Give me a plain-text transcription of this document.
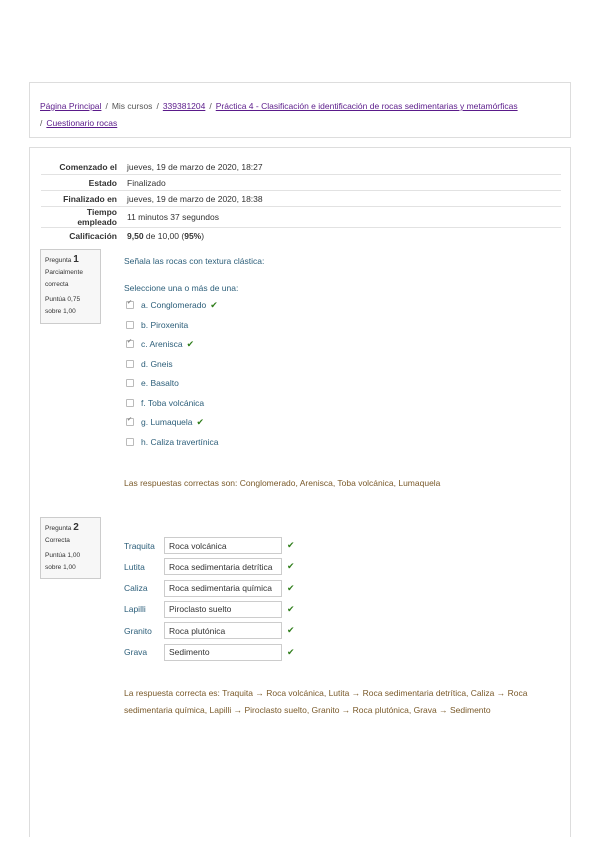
Página Principal / Mis cursos / 339381204 / Práctica 4 - Clasificación e identificación de rocas sedimentarias y metamórficas
/ Cuestionario rocas
Comenzado el	jueves, 19 de marzo de 2020, 18:27
Estado	Finalizado
Finalizado en	jueves, 19 de marzo de 2020, 18:38
Tiempo empleado	11 minutos 37 segundos
Calificación	9,50 de 10,00 (95%)
Pregunta 1
Parcialmente
correcta
Puntúa 0,75
sobre 1,00
Señala las rocas con textura clástica:
Seleccione una o más de una:
✔
a. Conglomerado ✔
b. Piroxenita
✔
c. Arenisca ✔
d. Gneis
e. Basalto
f. Toba volcánica
✔
g. Lumaquela ✔
h. Caliza travertínica
Las respuestas correctas son: Conglomerado, Arenisca, Toba volcánica, Lumaquela
Pregunta 2
Correcta
Puntúa 1,00
sobre 1,00
Traquita	Roca volcánica	✔
Lutita	Roca sedimentaria detrítica	✔
Caliza	Roca sedimentaria química	✔
Lapilli	Piroclasto suelto	✔
Granito	Roca plutónica	✔
Grava	Sedimento	✔
La respuesta correcta es: Traquita → Roca volcánica, Lutita → Roca sedimentaria detrítica, Caliza → Roca sedimentaria química, Lapilli → Piroclasto suelto, Granito → Roca plutónica, Grava → Sedimento
